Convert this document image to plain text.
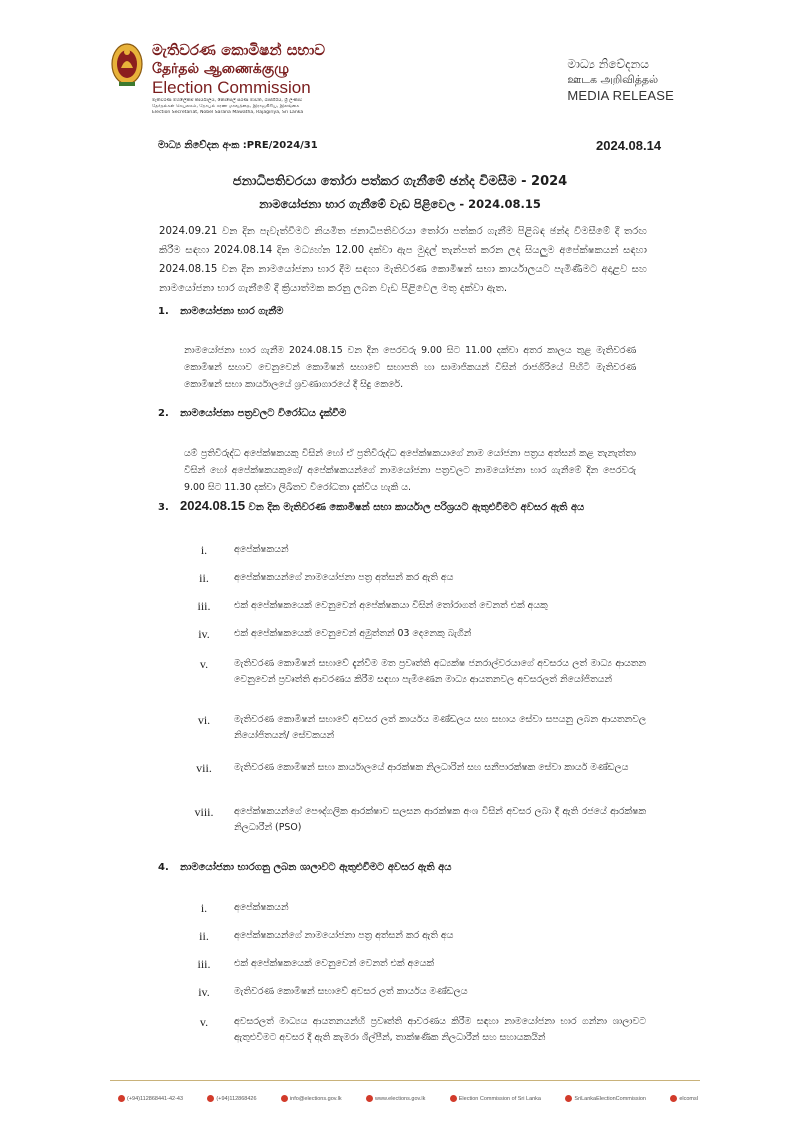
මැතිවරණ කොමිෂන් සභාව
தேர்தல் ஆணைக்குழு
Election Commission
මැතිවරණ මහලේකම් කාර්යාලය, නොපෙල් සරණ මාවත, රාජගිරිය, ශ්‍රී ලංකාව
தேர்தல்கள் செயலகம், நோபல் சரண மாவத்தை, இராஜகிரிய, இலங்கை
Election Secretariat, Nobel Sarana Mawatha, Rajagiriya, Sri Lanka
මාධ්‍ය නිවේදනය
ஊடக அறிவித்தல்
MEDIA RELEASE
මාධ්‍ය නිවේදන අංක :PRE/2024/31	2024.08.14
ජනාධිපතිවරයා තෝරා පත්කර ගැනීමේ ඡන්ද විමසීම - 2024
නාමයෝජනා භාර ගැනීමේ වැඩ පිළිවෙල - 2024.08.15
2024.09.21 වන දින පැවැත්වීමට නියමිත ජනාධිපතිවරයා තෝරා පත්කර ගැනීම පිළිබඳ ඡන්ද විමසීමේ දී තරඟ කිරීම සඳහා 2024.08.14 දින මධ්‍යහ්න 12.00 දක්වා ඇප මුදල් තැන්පත් කරන ලද සියලුම අපේක්ෂකයන් සඳහා 2024.08.15 වන දින නාමයෝජනා භාර දීම සඳහා මැතිවරණ කොමිෂන් සභා කාර්යාලයට පැමිණීමට අදාළව සහ නාමයෝජනා භාර ගැනීමේ දී ක්‍රියාත්මක කරනු ලබන වැඩ පිළිවෙල මතු දක්වා ඇත.
1. නාමයෝජනා භාර ගැනීම
නාමයෝජනා භාර ගැනීම 2024.08.15 වන දින පෙරවරු 9.00 සිට 11.00 දක්වා අතර කාලය තුළ මැතිවරණ කොමිෂන් සභාව වෙනුවෙන් කොමිෂන් සභාවේ සභාපති හා සාමාජිකයන් විසින් රාජගිරියේ පිහිටි මැතිවරණ කොමිෂන් සභා කාර්යාලයේ ශ්‍රවණාගාරයේ දී සිදු කෙරේ.
2. නාමයෝජනා පත්‍රවලට විරෝධය දැක්වීම
යම් ප්‍රතිවිරුද්ධ අපේක්ෂකයකු විසින් හෝ ඒ ප්‍රතිවිරුද්ධ අපේක්ෂකයාගේ නාම යෝජනා පත්‍රය අත්සන් කළ තැනැත්තා විසින් හෝ අපේක්ෂකයකුගේ/ අපේක්ෂකයන්ගේ නාමයෝජනා පත්‍රවලට නාමයෝජනා භාර ගැනීමේ දින පෙරවරු 9.00 සිට 11.30 දක්වා ලිඛිතව විරෝධතා දැක්විය හැකි ය.
3. 2024.08.15 වන දින මැතිවරණ කොමිෂන් සභා කාර්යාල පරිශ්‍රයට ඇතුළුවීමට අවසර ඇති අය
i.	අපේක්ෂකයන්
ii.	අපේක්ෂකයන්ගේ නාමයෝජනා පත්‍ර අත්සන් කර ඇති අය
iii.	එක් අපේක්ෂකයෙක් වෙනුවෙන් අපේක්ෂකයා විසින් තෝරාගත් වෙනත් එක් අයකු
iv.	එක් අපේක්ෂකයෙක් වෙනුවෙන් අමුත්තන් 03 දෙනෙකු බැගින්
v.	මැතිවරණ කොමිෂන් සභාවේ දැන්වීම මත ප්‍රවෘත්ති අධ්‍යක්ෂ ජනරාල්වරයාගේ අවසරය ලත් මාධ්‍ය ආයතන වෙනුවෙන් ප්‍රවෘත්ති ආවරණය කිරීම සඳහා පැමිණෙන මාධ්‍ය ආයතනවල අවසරලත් නියෝජිතයන්
vi.	මැතිවරණ කොමිෂන් සභාවේ අවසර ලත් කාර්යය මණ්ඩලය සහ සභාය සේවා සපයනු ලබන ආයතනවල නියෝජිතයන්/ සේවකයන්
vii.	මැතිවරණ කොමිෂන් සභා කාර්යාලයේ ආරක්ෂක නිලධාරින් සහ සනීපාරක්ෂක සේවා කාර්ය මණ්ඩලය
viii.	අපේක්ෂකයන්ගේ පෞද්ගලික ආරක්ෂාව සලසන ආරක්ෂක අංශ විසින් අවසර ලබා දී ඇති රජයේ ආරක්ෂක නිලධාරීන් (PSO)
4. නාමයෝජනා භාරගනු ලබන ශාලාවට ඇතුළුවීමට අවසර ඇති අය
i.	අපේක්ෂකයන්
ii.	අපේක්ෂකයන්ගේ නාමයෝජනා පත්‍ර අත්සන් කර ඇති අය
iii.	එක් අපේක්ෂකයෙක් වෙනුවෙන් වෙනත් එක් අයෙක්
iv.	මැතිවරණ කොමිෂන් සභාවේ අවසර ලත් කාර්යය මණ්ඩලය
v.	අවසරලත් මාධ්‍යය ආයතනයන්හි ප්‍රවෘත්ති ආවරණය කිරීම සඳහා නාමයෝජනා භාර ගන්නා ශාලාවට ඇතුළුවීමට අවසර දී ඇති කැමරා ශිල්පීන්, තාක්ෂණික නිලධාරීන් සහ සහායකයින්
(+94)112868441-42-43	(+94)112868426	info@elections.gov.lk	www.elections.gov.lk	Election Commission of Sri Lanka	SriLankaElectionCommission	elcomsl
